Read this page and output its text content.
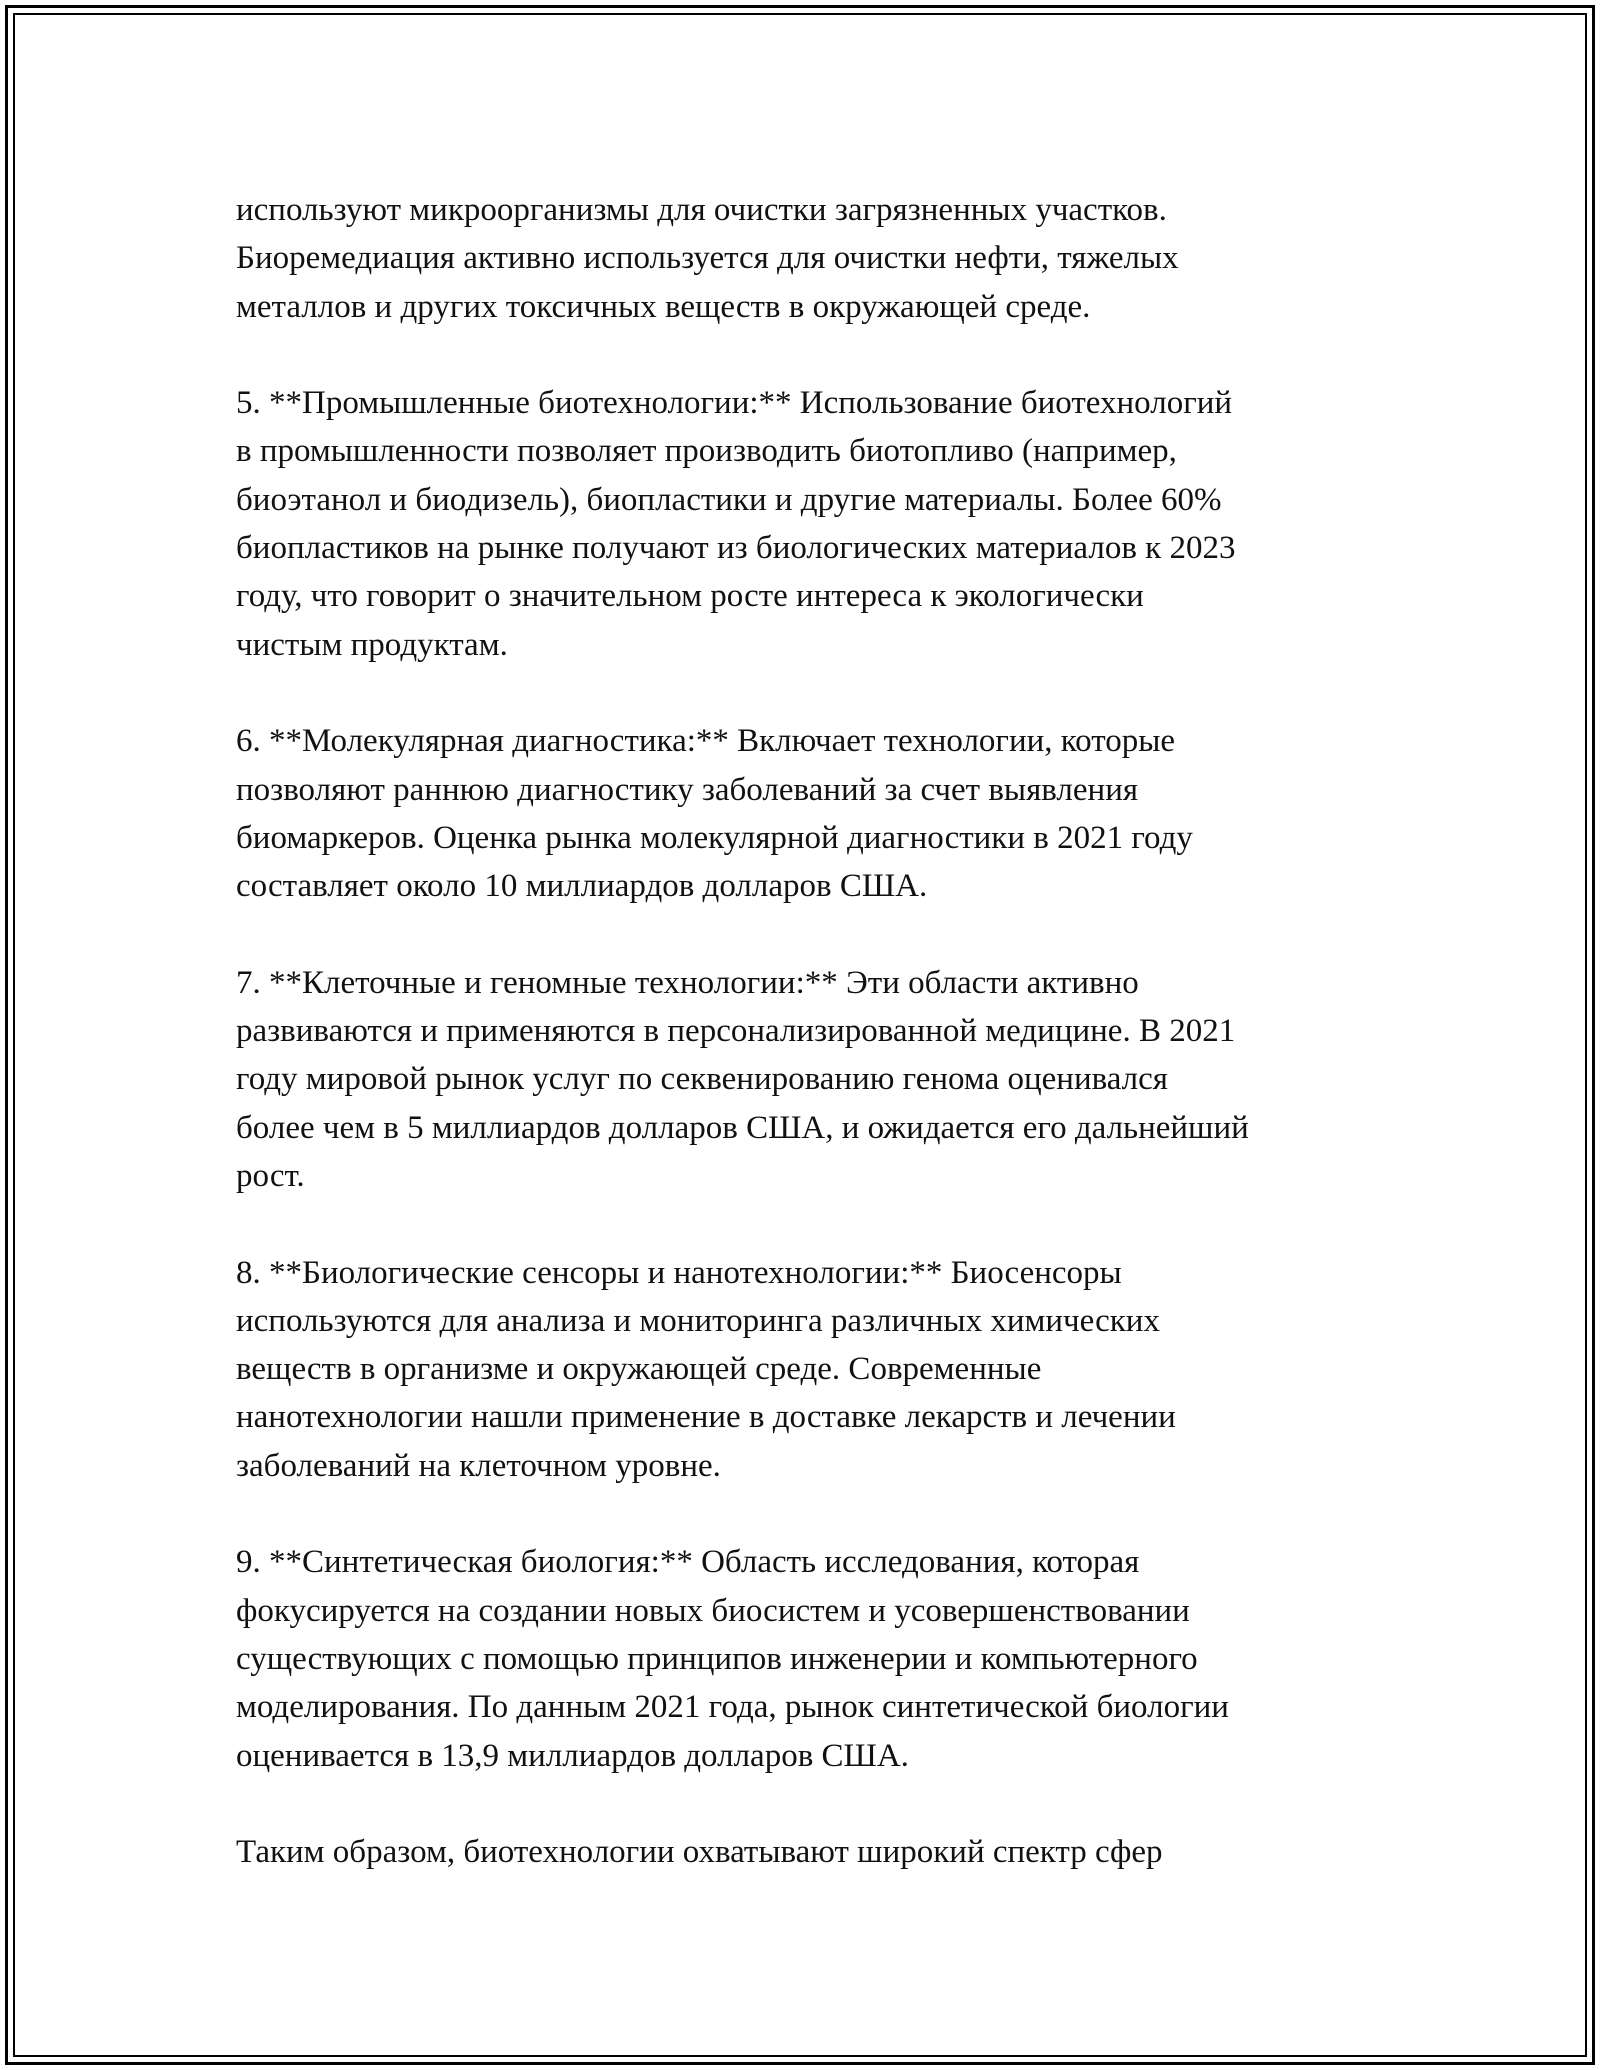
используют микроорганизмы для очистки загрязненных участков.
Биоремедиация активно используется для очистки нефти, тяжелых
металлов и других токсичных веществ в окружающей среде.

5. **Промышленные биотехнологии:** Использование биотехнологий
в промышленности позволяет производить биотопливо (например,
биоэтанол и биодизель), биопластики и другие материалы. Более 60%
биопластиков на рынке получают из биологических материалов к 2023
году, что говорит о значительном росте интереса к экологически
чистым продуктам.

6. **Молекулярная диагностика:** Включает технологии, которые
позволяют раннюю диагностику заболеваний за счет выявления
биомаркеров. Оценка рынка молекулярной диагностики в 2021 году
составляет около 10 миллиардов долларов США.

7. **Клеточные и геномные технологии:** Эти области активно
развиваются и применяются в персонализированной медицине. В 2021
году мировой рынок услуг по секвенированию генома оценивался
более чем в 5 миллиардов долларов США, и ожидается его дальнейший
рост.

8. **Биологические сенсоры и нанотехнологии:** Биосенсоры
используются для анализа и мониторинга различных химических
веществ в организме и окружающей среде. Современные
нанотехнологии нашли применение в доставке лекарств и лечении
заболеваний на клеточном уровне.

9. **Синтетическая биология:** Область исследования, которая
фокусируется на создании новых биосистем и усовершенствовании
существующих с помощью принципов инженерии и компьютерного
моделирования. По данным 2021 года, рынок синтетической биологии
оценивается в 13,9 миллиардов долларов США.

Таким образом, биотехнологии охватывают широкий спектр сфер
